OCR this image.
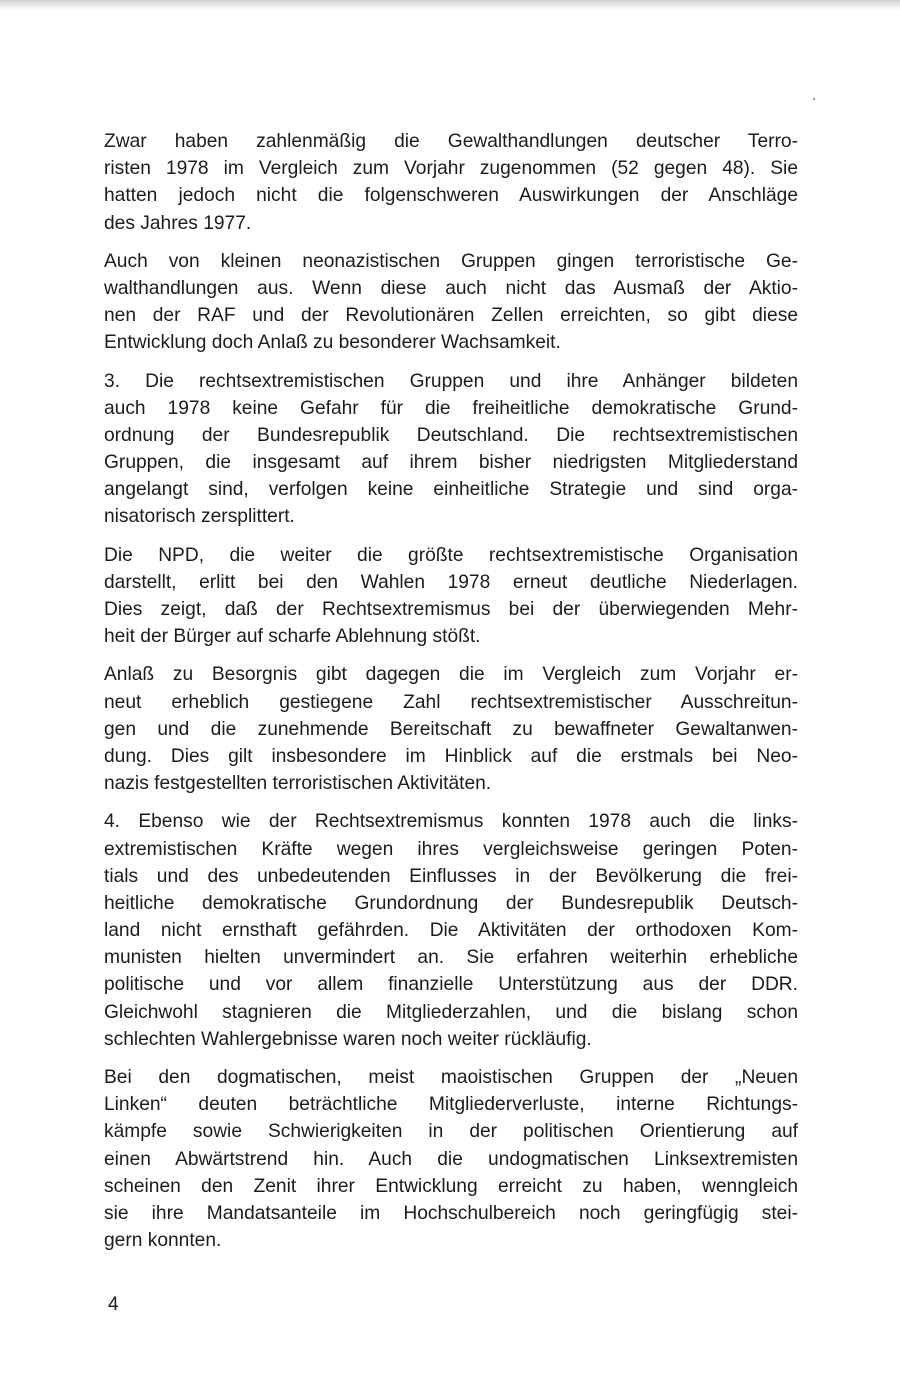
Zwar haben zahlenmäßig die Gewalthandlungen deutscher Terro-
risten 1978 im Vergleich zum Vorjahr zugenommen (52 gegen 48). Sie
hatten jedoch nicht die folgenschweren Auswirkungen der Anschläge
des Jahres 1977.
Auch von kleinen neonazistischen Gruppen gingen terroristische Ge-
walthandlungen aus. Wenn diese auch nicht das Ausmaß der Aktio-
nen der RAF und der Revolutionären Zellen erreichten, so gibt diese
Entwicklung doch Anlaß zu besonderer Wachsamkeit.
3. Die rechtsextremistischen Gruppen und ihre Anhänger bildeten
auch 1978 keine Gefahr für die freiheitliche demokratische Grund-
ordnung der Bundesrepublik Deutschland. Die rechtsextremistischen
Gruppen, die insgesamt auf ihrem bisher niedrigsten Mitgliederstand
angelangt sind, verfolgen keine einheitliche Strategie und sind orga-
nisatorisch zersplittert.
Die NPD, die weiter die größte rechtsextremistische Organisation
darstellt, erlitt bei den Wahlen 1978 erneut deutliche Niederlagen.
Dies zeigt, daß der Rechtsextremismus bei der überwiegenden Mehr-
heit der Bürger auf scharfe Ablehnung stößt.
Anlaß zu Besorgnis gibt dagegen die im Vergleich zum Vorjahr er-
neut erheblich gestiegene Zahl rechtsextremistischer Ausschreitun-
gen und die zunehmende Bereitschaft zu bewaffneter Gewaltanwen-
dung. Dies gilt insbesondere im Hinblick auf die erstmals bei Neo-
nazis festgestellten terroristischen Aktivitäten.
4. Ebenso wie der Rechtsextremismus konnten 1978 auch die links-
extremistischen Kräfte wegen ihres vergleichsweise geringen Poten-
tials und des unbedeutenden Einflusses in der Bevölkerung die frei-
heitliche demokratische Grundordnung der Bundesrepublik Deutsch-
land nicht ernsthaft gefährden. Die Aktivitäten der orthodoxen Kom-
munisten hielten unvermindert an. Sie erfahren weiterhin erhebliche
politische und vor allem finanzielle Unterstützung aus der DDR.
Gleichwohl stagnieren die Mitgliederzahlen, und die bislang schon
schlechten Wahlergebnisse waren noch weiter rückläufig.
Bei den dogmatischen, meist maoistischen Gruppen der „Neuen
Linken“ deuten beträchtliche Mitgliederverluste, interne Richtungs-
kämpfe sowie Schwierigkeiten in der politischen Orientierung auf
einen Abwärtstrend hin. Auch die undogmatischen Linksextremisten
scheinen den Zenit ihrer Entwicklung erreicht zu haben, wenngleich
sie ihre Mandatsanteile im Hochschulbereich noch geringfügig stei-
gern konnten.
4
